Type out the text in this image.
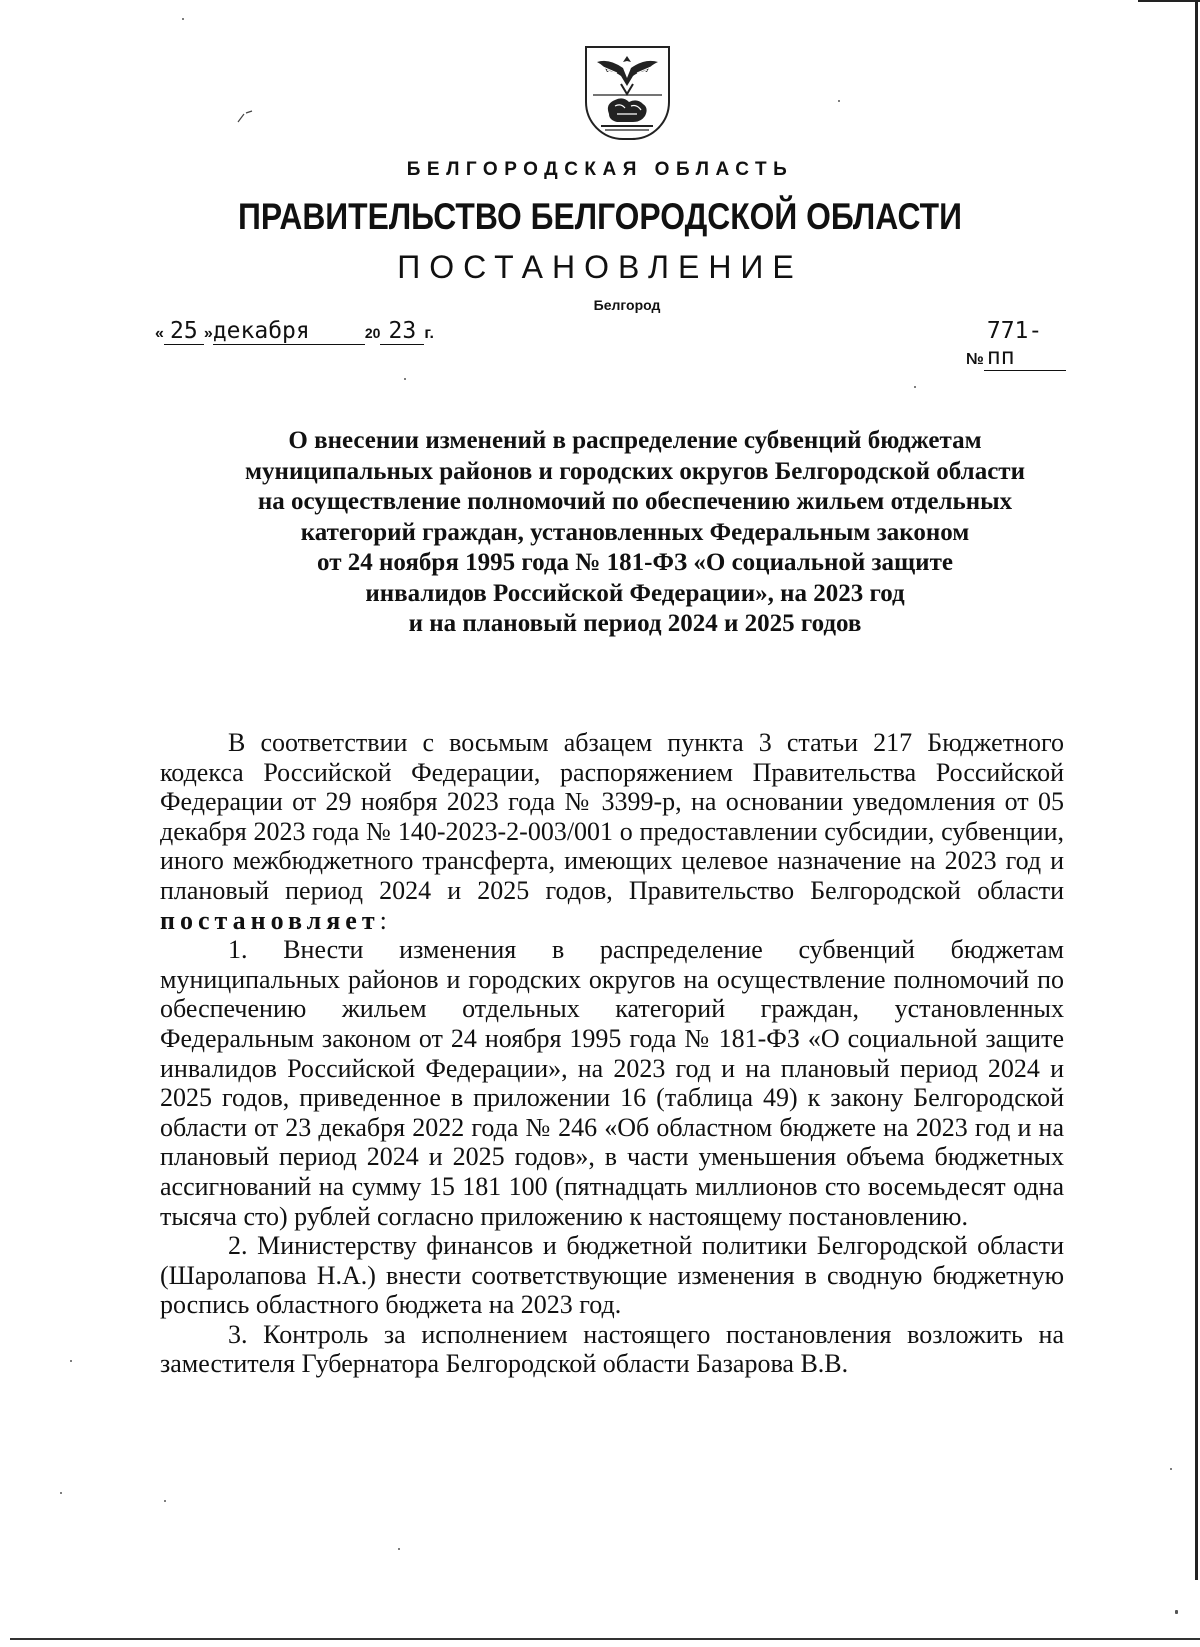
БЕЛГОРОДСКАЯ ОБЛАСТЬ
ПРАВИТЕЛЬСТВО БЕЛГОРОДСКОЙ ОБЛАСТИ
ПОСТАНОВЛЕНИЕ
Белгород
« 25 »декабря	20 23 г.
№771-пп
О внесении изменений в распределение субвенций бюджетам
муниципальных районов и городских округов Белгородской области
на осуществление полномочий по обеспечению жильем отдельных
категорий граждан, установленных Федеральным законом
от 24 ноября 1995 года № 181-ФЗ «О социальной защите
инвалидов Российской Федерации», на 2023 год
и на плановый период 2024 и 2025 годов

В соответствии с восьмым абзацем пункта 3 статьи 217 Бюджетного кодекса Российской Федерации, распоряжением Правительства Российской Федерации от 29 ноября 2023 года № 3399-р, на основании уведомления от 05 декабря 2023 года № 140-2023-2-003/001 о предоставлении субсидии, субвенции, иного межбюджетного трансферта, имеющих целевое назначение на 2023 год и плановый период 2024 и 2025 годов, Правительство Белгородской области постановляет:

1. Внести изменения в распределение субвенций бюджетам муниципальных районов и городских округов на осуществление полномочий по обеспечению жильем отдельных категорий граждан, установленных Федеральным законом от 24 ноября 1995 года № 181-ФЗ «О социальной защите инвалидов Российской Федерации», на 2023 год и на плановый период 2024 и 2025 годов, приведенное в приложении 16 (таблица 49) к закону Белгородской области от 23 декабря 2022 года № 246 «Об областном бюджете на 2023 год и на плановый период 2024 и 2025 годов», в части уменьшения объема бюджетных ассигнований на сумму 15 181 100 (пятнадцать миллионов сто восемьдесят одна тысяча сто) рублей согласно приложению к настоящему постановлению.

2. Министерству финансов и бюджетной политики Белгородской области (Шаролапова Н.А.) внести соответствующие изменения в сводную бюджетную роспись областного бюджета на 2023 год.

3. Контроль за исполнением настоящего постановления возложить на заместителя Губернатора Белгородской области Базарова В.В.
